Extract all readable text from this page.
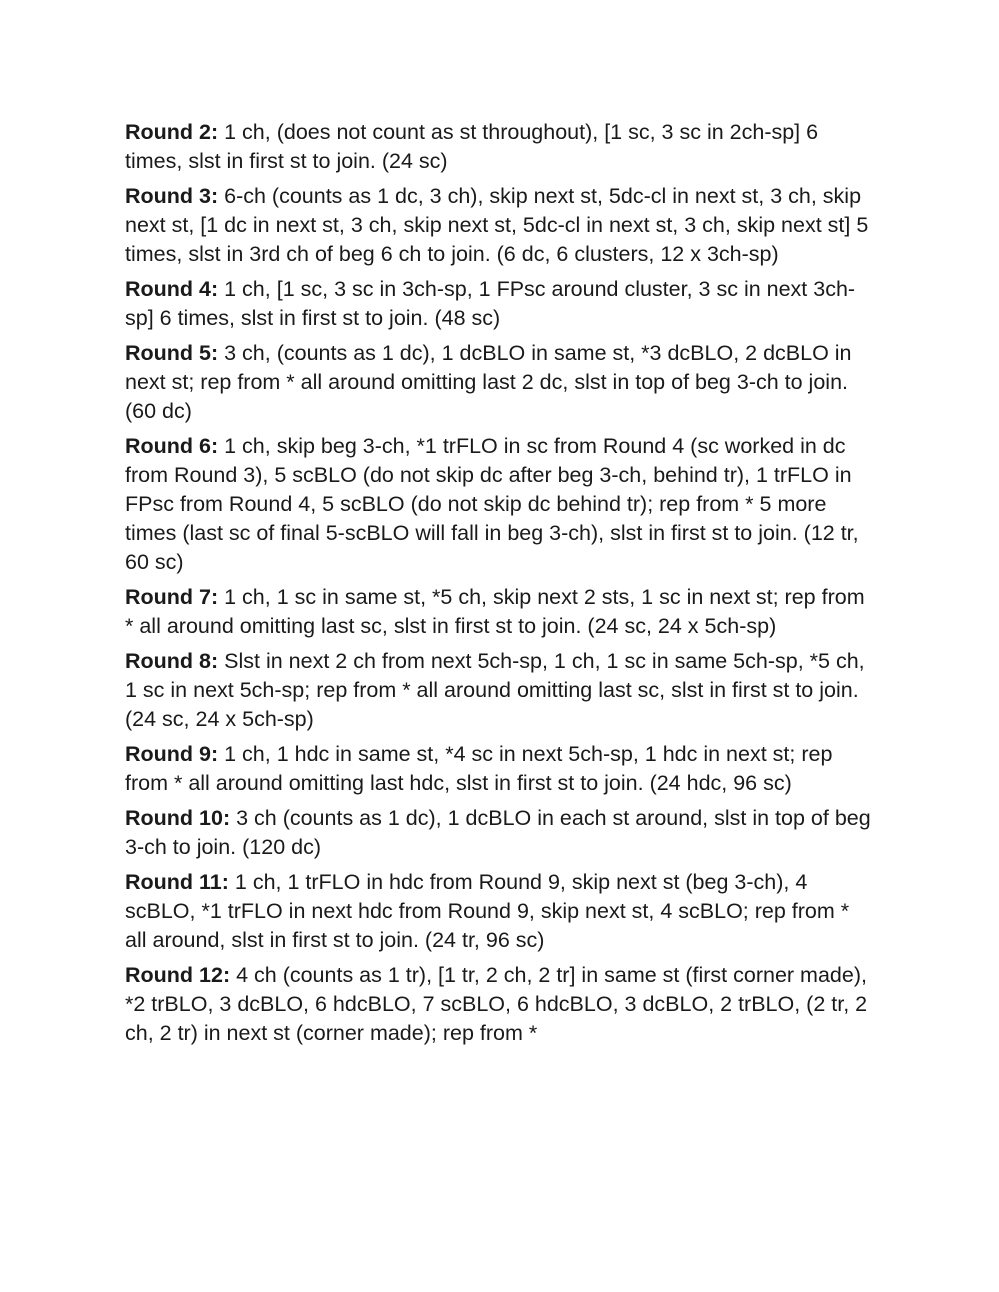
Round 2: 1 ch, (does not count as st throughout), [1 sc, 3 sc in 2ch-sp] 6 times, slst in first st to join. (24 sc)

Round 3: 6-ch (counts as 1 dc, 3 ch), skip next st, 5dc-cl in next st, 3 ch, skip next st, [1 dc in next st, 3 ch, skip next st, 5dc-cl in next st, 3 ch, skip next st] 5 times, slst in 3rd ch of beg 6 ch to join. (6 dc, 6 clusters, 12 x 3ch-sp)

Round 4: 1 ch, [1 sc, 3 sc in 3ch-sp, 1 FPsc around cluster, 3 sc in next 3ch-sp] 6 times, slst in first st to join. (48 sc)

Round 5: 3 ch, (counts as 1 dc), 1 dcBLO in same st, *3 dcBLO, 2 dcBLO in next st; rep from * all around omitting last 2 dc, slst in top of beg 3-ch to join. (60 dc)

Round 6: 1 ch, skip beg 3-ch, *1 trFLO in sc from Round 4 (sc worked in dc from Round 3), 5 scBLO (do not skip dc after beg 3-ch, behind tr), 1 trFLO in FPsc from Round 4, 5 scBLO (do not skip dc behind tr); rep from * 5 more times (last sc of final 5-scBLO will fall in beg 3-ch), slst in first st to join. (12 tr, 60 sc)

Round 7: 1 ch, 1 sc in same st, *5 ch, skip next 2 sts, 1 sc in next st; rep from * all around omitting last sc, slst in first st to join. (24 sc, 24 x 5ch-sp)

Round 8: Slst in next 2 ch from next 5ch-sp, 1 ch, 1 sc in same 5ch-sp, *5 ch, 1 sc in next 5ch-sp; rep from * all around omitting last sc, slst in first st to join. (24 sc, 24 x 5ch-sp)

Round 9: 1 ch, 1 hdc in same st, *4 sc in next 5ch-sp, 1 hdc in next st; rep from * all around omitting last hdc, slst in first st to join. (24 hdc, 96 sc)

Round 10: 3 ch (counts as 1 dc), 1 dcBLO in each st around, slst in top of beg 3-ch to join. (120 dc)

Round 11: 1 ch, 1 trFLO in hdc from Round 9, skip next st (beg 3-ch), 4 scBLO, *1 trFLO in next hdc from Round 9, skip next st, 4 scBLO; rep from * all around, slst in first st to join. (24 tr, 96 sc)

Round 12: 4 ch (counts as 1 tr), [1 tr, 2 ch, 2 tr] in same st (first corner made), *2 trBLO, 3 dcBLO, 6 hdcBLO, 7 scBLO, 6 hdcBLO, 3 dcBLO, 2 trBLO, (2 tr, 2 ch, 2 tr) in next st (corner made); rep from *
